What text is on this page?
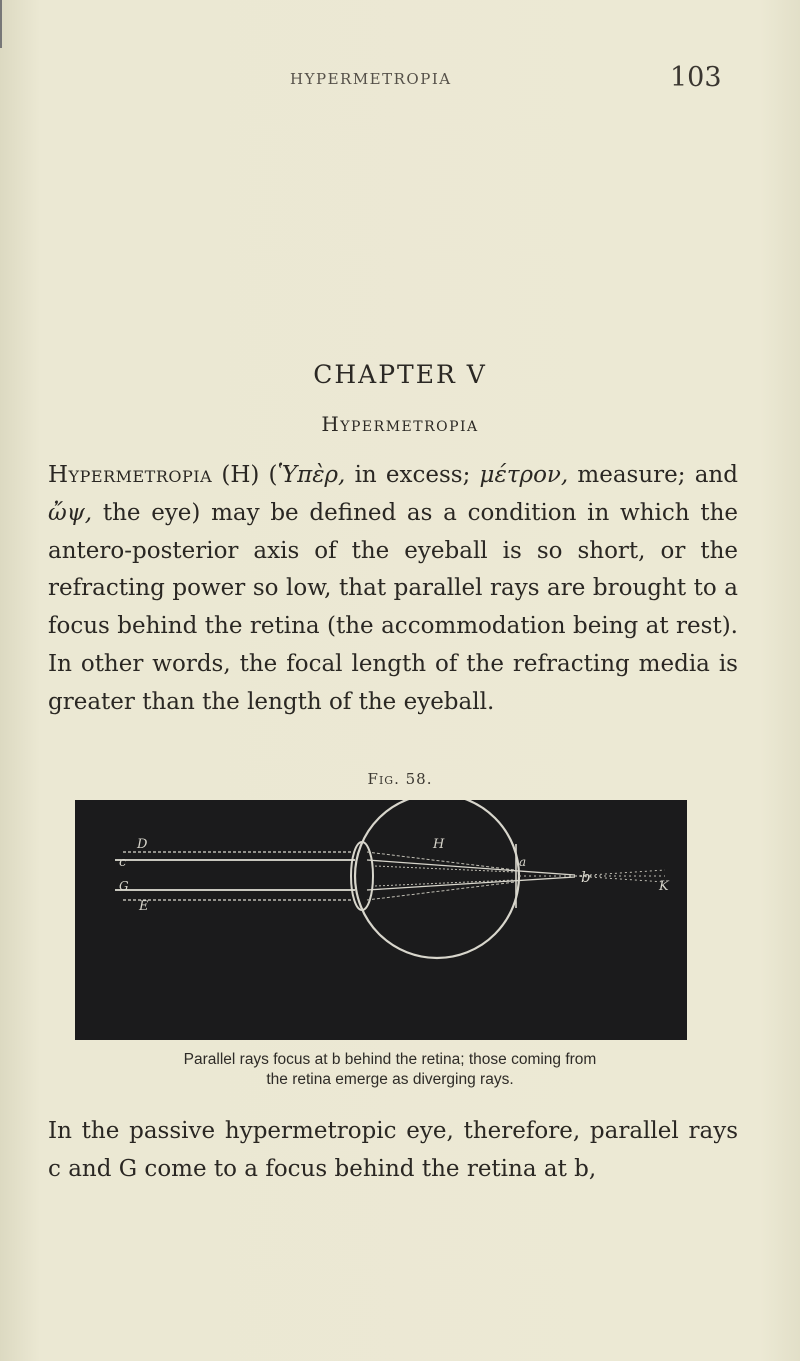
HYPERMETROPIA	103
CHAPTER V
Hypermetropia
Hypermetropia (H) (Ὑπὲρ, in excess; μέτρον, measure; and ὤψ, the eye) may be defined as a condition in which the antero-posterior axis of the eyeball is so short, or the refracting power so low, that parallel rays are brought to a focus behind the retina (the accommodation being at rest). In other words, the focal length of the refracting media is greater than the length of the eyeball.
Fig. 58.
D
c
G
E
H
a
b
K
Parallel rays focus at b behind the retina; those coming from
the retina emerge as diverging rays.
In the passive hypermetropic eye, therefore, parallel rays c and G come to a focus behind the retina at b,
